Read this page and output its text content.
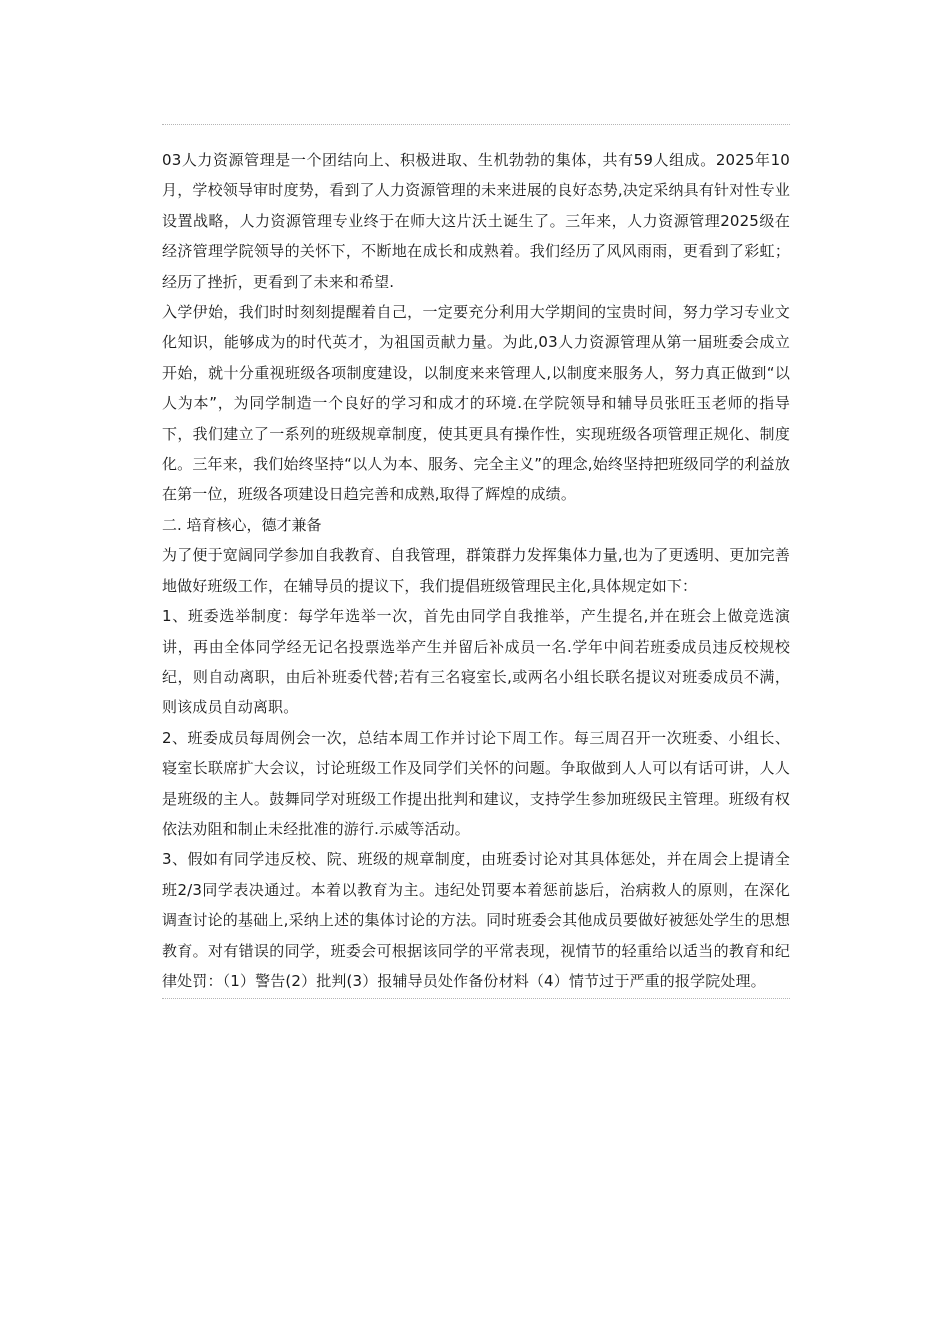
03人力资源管理是一个团结向上、积极进取、生机勃勃的集体，共有59人组成。2025年10月，学校领导审时度势，看到了人力资源管理的未来进展的良好态势,决定采纳具有针对性专业设置战略，人力资源管理专业终于在师大这片沃土诞生了。三年来，人力资源管理2025级在经济管理学院领导的关怀下，不断地在成长和成熟着。我们经历了风风雨雨，更看到了彩虹；经历了挫折，更看到了未来和希望.

入学伊始，我们时时刻刻提醒着自己，一定要充分利用大学期间的宝贵时间，努力学习专业文化知识，能够成为的时代英才，为祖国贡献力量。为此,03人力资源管理从第一届班委会成立开始，就十分重视班级各项制度建设，以制度来来管理人,以制度来服务人，努力真正做到“以人为本”，为同学制造一个良好的学习和成才的环境.在学院领导和辅导员张旺玉老师的指导下，我们建立了一系列的班级规章制度，使其更具有操作性，实现班级各项管理正规化、制度化。三年来，我们始终坚持“以人为本、服务、完全主义”的理念,始终坚持把班级同学的利益放在第一位，班级各项建设日趋完善和成熟,取得了辉煌的成绩。

二. 培育核心，德才兼备

为了便于宽阔同学参加自我教育、自我管理，群策群力发挥集体力量,也为了更透明、更加完善地做好班级工作，在辅导员的提议下，我们提倡班级管理民主化,具体规定如下：

1、班委选举制度：每学年选举一次，首先由同学自我推举，产生提名,并在班会上做竞选演讲，再由全体同学经无记名投票选举产生并留后补成员一名.学年中间若班委成员违反校规校纪，则自动离职，由后补班委代替;若有三名寝室长,或两名小组长联名提议对班委成员不满，则该成员自动离职。

2、班委成员每周例会一次，总结本周工作并讨论下周工作。每三周召开一次班委、小组长、寝室长联席扩大会议，讨论班级工作及同学们关怀的问题。争取做到人人可以有话可讲，人人是班级的主人。鼓舞同学对班级工作提出批判和建议，支持学生参加班级民主管理。班级有权依法劝阻和制止未经批准的游行.示威等活动。

3、假如有同学违反校、院、班级的规章制度，由班委讨论对其具体惩处，并在周会上提请全班2/3同学表决通过。本着以教育为主。违纪处罚要本着惩前毖后，治病救人的原则，在深化调查讨论的基础上,采纳上述的集体讨论的方法。同时班委会其他成员要做好被惩处学生的思想教育。对有错误的同学，班委会可根据该同学的平常表现，视情节的轻重给以适当的教育和纪律处罚：（1）警告(2）批判(3）报辅导员处作备份材料（4）情节过于严重的报学院处理。
